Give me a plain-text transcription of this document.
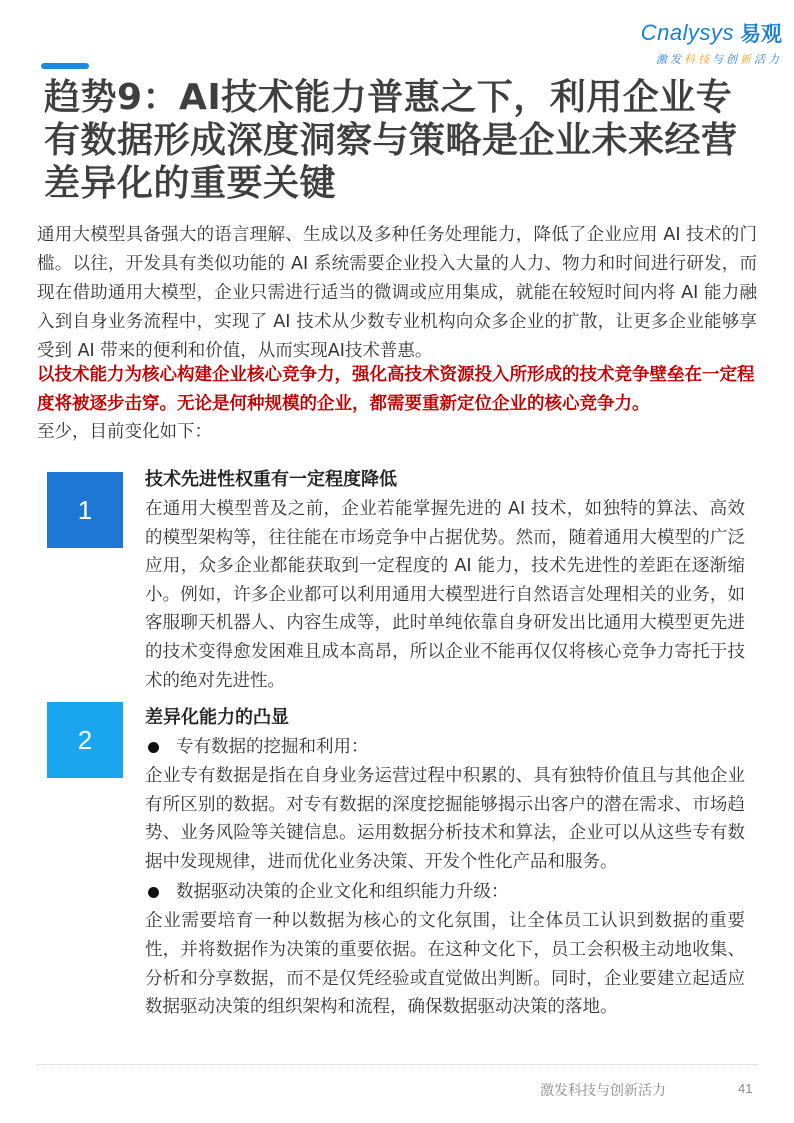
Cnalysys 易观
激发科技与创新活力
趋势9：AI技术能力普惠之下，利用企业专有数据形成深度洞察与策略是企业未来经营差异化的重要关键

通用大模型具备强大的语言理解、生成以及多种任务处理能力，降低了企业应用 AI 技术的门槛。以往，开发具有类似功能的 AI 系统需要企业投入大量的人力、物力和时间进行研发，而现在借助通用大模型，企业只需进行适当的微调或应用集成，就能在较短时间内将 AI 能力融入到自身业务流程中，实现了 AI 技术从少数专业机构向众多企业的扩散，让更多企业能够享受到 AI 带来的便利和价值，从而实现AI技术普惠。

以技术能力为核心构建企业核心竞争力，强化高技术资源投入所形成的技术竞争壁垒在一定程度将被逐步击穿。无论是何种规模的企业，都需要重新定位企业的核心竞争力。

至少，目前变化如下：

1

技术先进性权重有一定程度降低

在通用大模型普及之前，企业若能掌握先进的 AI 技术，如独特的算法、高效的模型架构等，往往能在市场竞争中占据优势。然而，随着通用大模型的广泛应用，众多企业都能获取到一定程度的 AI 能力，技术先进性的差距在逐渐缩小。例如，许多企业都可以利用通用大模型进行自然语言处理相关的业务，如客服聊天机器人、内容生成等，此时单纯依靠自身研发出比通用大模型更先进的技术变得愈发困难且成本高昂，所以企业不能再仅仅将核心竞争力寄托于技术的绝对先进性。

2

差异化能力的凸显

专有数据的挖掘和利用：

企业专有数据是指在自身业务运营过程中积累的、具有独特价值且与其他企业有所区别的数据。对专有数据的深度挖掘能够揭示出客户的潜在需求、市场趋势、业务风险等关键信息。运用数据分析技术和算法，企业可以从这些专有数据中发现规律，进而优化业务决策、开发个性化产品和服务。

数据驱动决策的企业文化和组织能力升级：

企业需要培育一种以数据为核心的文化氛围，让全体员工认识到数据的重要性，并将数据作为决策的重要依据。在这种文化下，员工会积极主动地收集、分析和分享数据，而不是仅凭经验或直觉做出判断。同时，企业要建立起适应数据驱动决策的组织架构和流程，确保数据驱动决策的落地。

激发科技与创新活力	41
